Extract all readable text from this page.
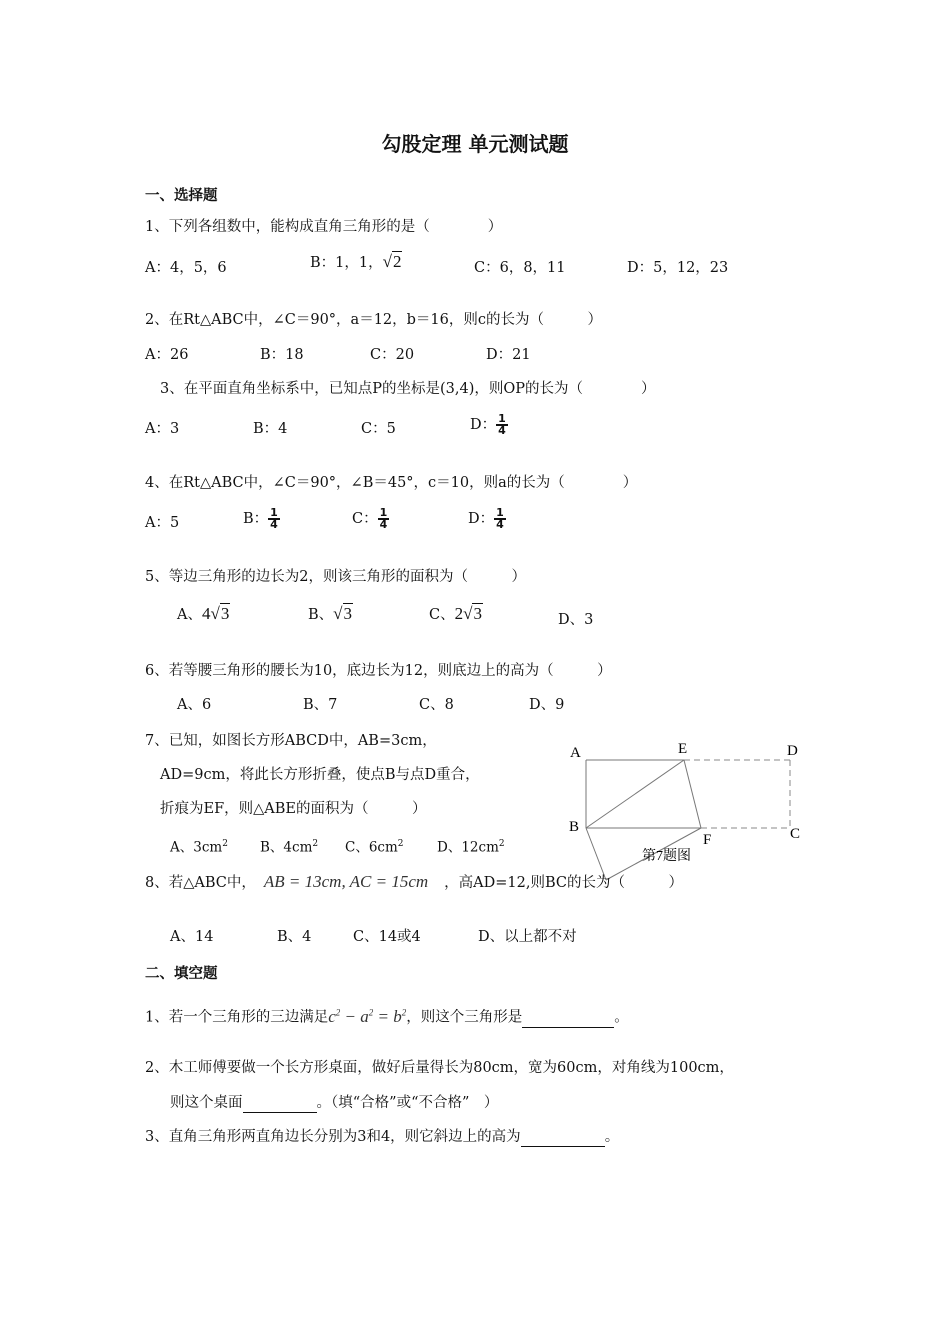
勾股定理 单元测试题
一、选择题
1、下列各组数中，能构成直角三角形的是（　　　　）
A：4，5，6	B：1，1，√2	C：6，8，11	D：5，12，23
2、在Rt△ABC中，∠C＝90°，a＝12，b＝16，则c的长为（　　　）
A：26	B：18	C：20	D：21
3、在平面直角坐标系中，已知点P的坐标是(3,4)，则OP的长为（　　　　）
A：3	B：4	C：5	D： $\frac{1}{4}$
4、在Rt△ABC中，∠C＝90°，∠B＝45°，c＝10，则a的长为（　　　　）
A：5	B： $\frac{1}{4}$	C： $\frac{1}{4}$	D： $\frac{1}{4}$
5、等边三角形的边长为2，则该三角形的面积为（　　　）
A、4√3	B、√3	C、2√3	D、3
6、若等腰三角形的腰长为10，底边长为12，则底边上的高为（　　　）
A、6	B、7	C、8	D、9
7、已知，如图长方形ABCD中，AB=3cm，
AD=9cm，将此长方形折叠，使点B与点D重合，
折痕为EF，则△ABE的面积为（　　　）
A、$3cm^2$ B、$4cm^2$ C、$6cm^2$ D、$12cm^2$
A	E	D
B
F	C
第7题图
8、若△ABC中， AB = 13cm, AC = 15cm ，高AD=12,则BC的长为（　　　）
A、14	B、4	C、14或4	D、以上都不对
二、填空题
1、若一个三角形的三边满足$c^2 - a^2 = b^2$，则这个三角形是	。
2、木工师傅要做一个长方形桌面，做好后量得长为80cm，宽为60cm，对角线为100cm，
则这个桌面	。（填“合格”或“不合格”　）
3、直角三角形两直角边长分别为3和4，则它斜边上的高为	。
